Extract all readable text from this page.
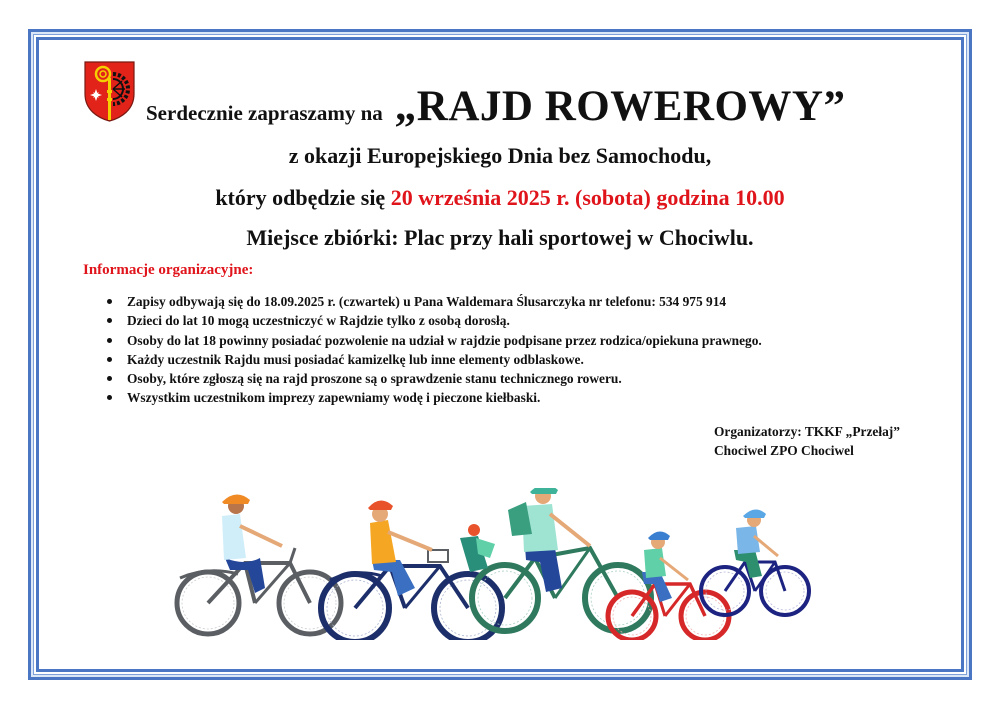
Serdecznie zapraszamy na „RAJD ROWEROWY”
z okazji Europejskiego Dnia bez Samochodu,
który odbędzie się 20 września 2025 r. (sobota) godzina 10.00
Miejsce zbiórki: Plac przy hali sportowej w Chociwlu.
Informacje organizacyjne:
Zapisy odbywają się do 18.09.2025 r. (czwartek) u Pana Waldemara Ślusarczyka nr telefonu: 534 975 914
Dzieci do lat 10 mogą uczestniczyć w Rajdzie tylko z osobą dorosłą.
Osoby do lat 18 powinny posiadać pozwolenie na udział w rajdzie podpisane przez rodzica/opiekuna prawnego.
Każdy uczestnik Rajdu musi posiadać kamizelkę lub inne elementy odblaskowe.
Osoby, które zgłoszą się na rajd proszone są o sprawdzenie stanu technicznego roweru.
Wszystkim uczestnikom imprezy zapewniamy wodę i pieczone kiełbaski.
Organizatorzy: TKKF „Przełaj”
Chociwel ZPO Chociwel
